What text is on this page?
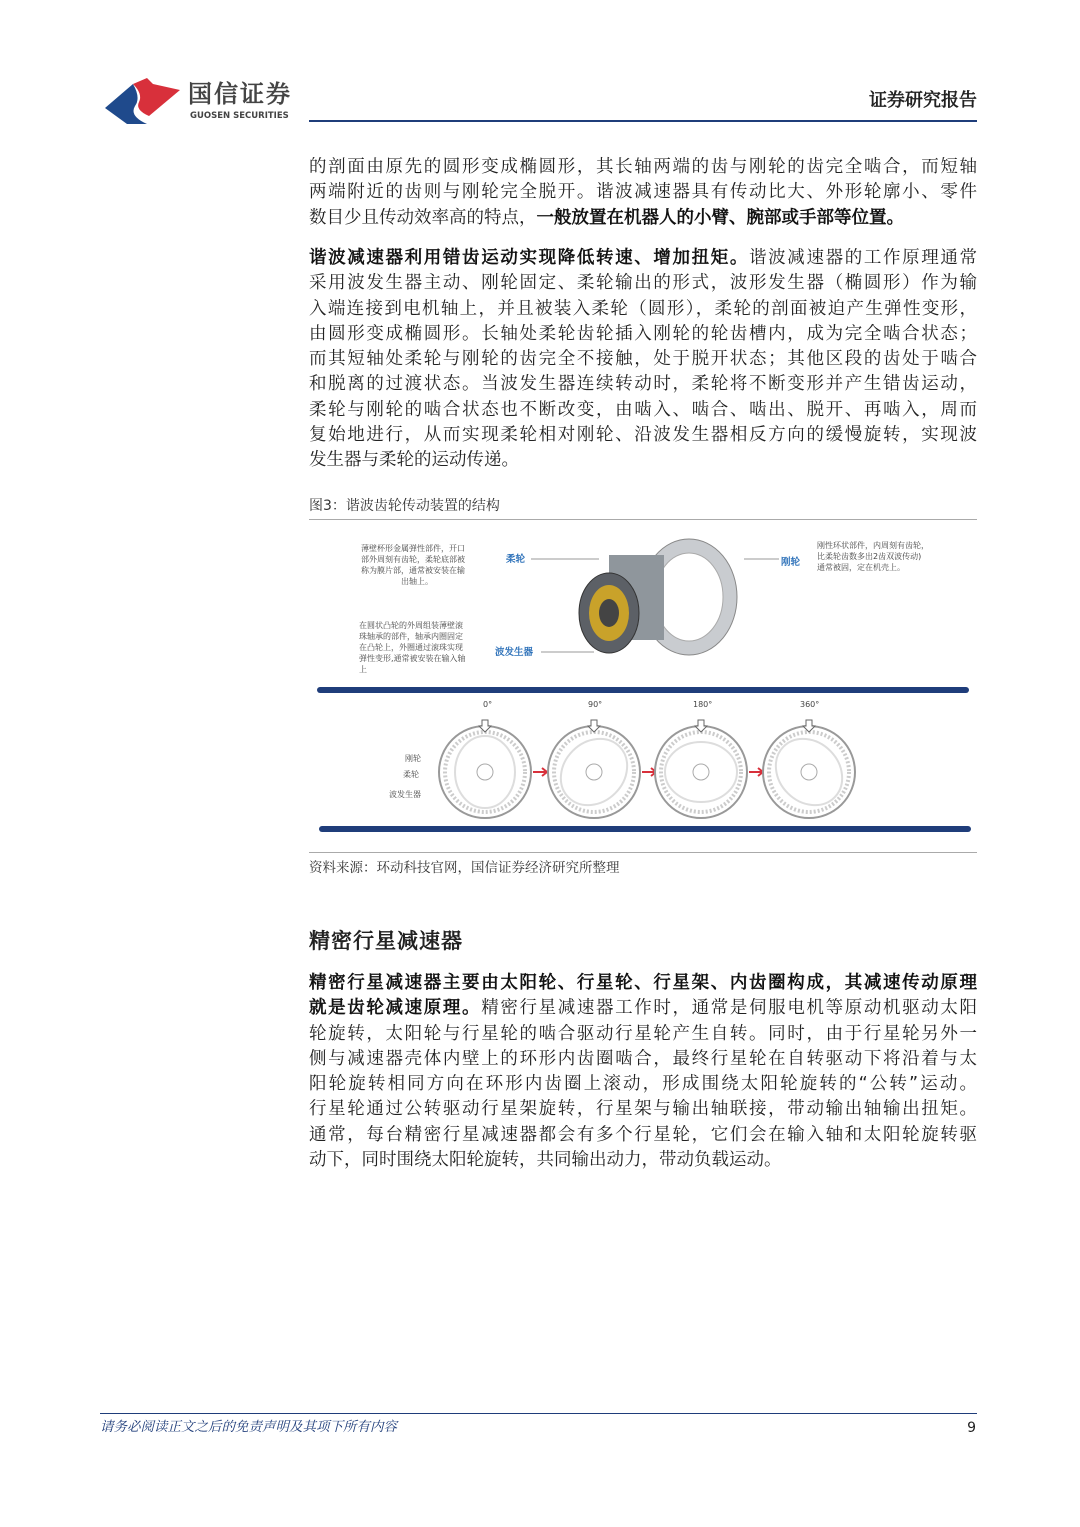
国信证券
GUOSEN SECURITIES
证券研究报告
的剖面由原先的圆形变成椭圆形，其长轴两端的齿与刚轮的齿完全啮合，而短轴
两端附近的齿则与刚轮完全脱开。谐波减速器具有传动比大、外形轮廓小、零件
数目少且传动效率高的特点，一般放置在机器人的小臂、腕部或手部等位置。
谐波减速器利用错齿运动实现降低转速、增加扭矩。谐波减速器的工作原理通常
采用波发生器主动、刚轮固定、柔轮输出的形式，波形发生器（椭圆形）作为输
入端连接到电机轴上，并且被装入柔轮（圆形），柔轮的剖面被迫产生弹性变形，
由圆形变成椭圆形。长轴处柔轮齿轮插入刚轮的轮齿槽内，成为完全啮合状态；
而其短轴处柔轮与刚轮的齿完全不接触，处于脱开状态；其他区段的齿处于啮合
和脱离的过渡状态。当波发生器连续转动时，柔轮将不断变形并产生错齿运动，
柔轮与刚轮的啮合状态也不断改变，由啮入、啮合、啮出、脱开、再啮入，周而
复始地进行，从而实现柔轮相对刚轮、沿波发生器相反方向的缓慢旋转，实现波
发生器与柔轮的运动传递。
图3：谐波齿轮传动装置的结构
薄壁杯形金属弹性部件，开口
部外周刻有齿轮，柔轮底部被
称为膜片部，通常被安装在输
出轴上。
柔轮
在圆状凸轮的外周组装薄壁滚
珠轴承的部件，轴承内圈固定
在凸轮上，外圈通过滚珠实现
弹性变形,通常被安装在输入轴
上
波发生器
刚轮
刚性环状部件，内周刻有齿轮，
比柔轮齿数多出2齿双波传动)
通常被固，定在机壳上。
0°	90°	180°	360°
刚轮
柔轮
波发生器
资料来源：环动科技官网，国信证券经济研究所整理
精密行星减速器
精密行星减速器主要由太阳轮、行星轮、行星架、内齿圈构成，其减速传动原理
就是齿轮减速原理。精密行星减速器工作时，通常是伺服电机等原动机驱动太阳
轮旋转，太阳轮与行星轮的啮合驱动行星轮产生自转。同时，由于行星轮另外一
侧与减速器壳体内壁上的环形内齿圈啮合，最终行星轮在自转驱动下将沿着与太
阳轮旋转相同方向在环形内齿圈上滚动，形成围绕太阳轮旋转的“公转”运动。
行星轮通过公转驱动行星架旋转，行星架与输出轴联接，带动输出轴输出扭矩。
通常，每台精密行星减速器都会有多个行星轮，它们会在输入轴和太阳轮旋转驱
动下，同时围绕太阳轮旋转，共同输出动力，带动负载运动。
请务必阅读正文之后的免责声明及其项下所有内容	9
